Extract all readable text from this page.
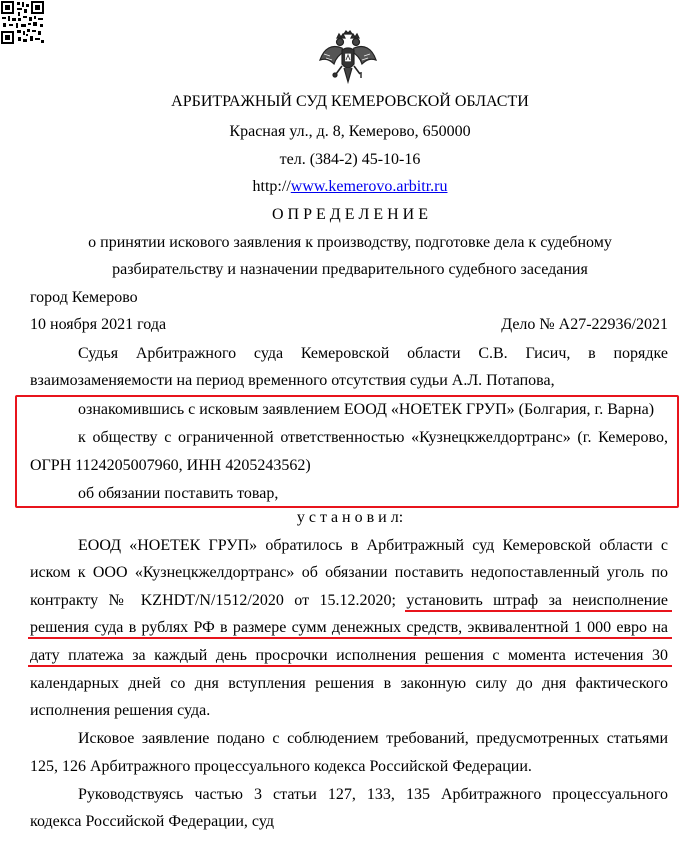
АРБИТРАЖНЫЙ СУД КЕМЕРОВСКОЙ ОБЛАСТИ
Красная ул., д. 8, Кемерово, 650000
тел. (384-2) 45-10-16
http://www.kemerovo.arbitr.ru
О П Р Е Д Е Л Е Н И Е
о принятии искового заявления к производству, подготовке дела к судебному
разбирательству и назначении предварительного судебного заседания
город Кемерово
10 ноября 2021 года	Дело № А27-22936/2021
Судья Арбитражного суда Кемеровской области С.В. Гисич, в порядке
взаимозаменяемости на период временного отсутствия судьи А.Л. Потапова,
ознакомившись с исковым заявлением ЕООД «НОЕТЕК ГРУП» (Болгария, г. Варна)
к обществу с ограниченной ответственностью «Кузнецкжелдортранс» (г. Кемерово,
ОГРН 1124205007960, ИНН 4205243562)
об обязании поставить товар,
у с т а н о в и л:
ЕООД «НОЕТЕК ГРУП» обратилось в Арбитражный суд Кемеровской области с
иском к ООО «Кузнецкжелдортранс» об обязании поставить недопоставленный уголь по
контракту № KZHDT/N/1512/2020 от 15.12.2020; установить штраф за неисполнение
решения суда в рублях РФ в размере сумм денежных средств, эквивалентной 1 000 евро на
дату платежа за каждый день просрочки исполнения решения с момента истечения 30
календарных дней со дня вступления решения в законную силу до дня фактического
исполнения решения суда.
Исковое заявление подано с соблюдением требований, предусмотренных статьями
125, 126 Арбитражного процессуального кодекса Российской Федерации.
Руководствуясь частью 3 статьи 127, 133, 135 Арбитражного процессуального
кодекса Российской Федерации, суд
